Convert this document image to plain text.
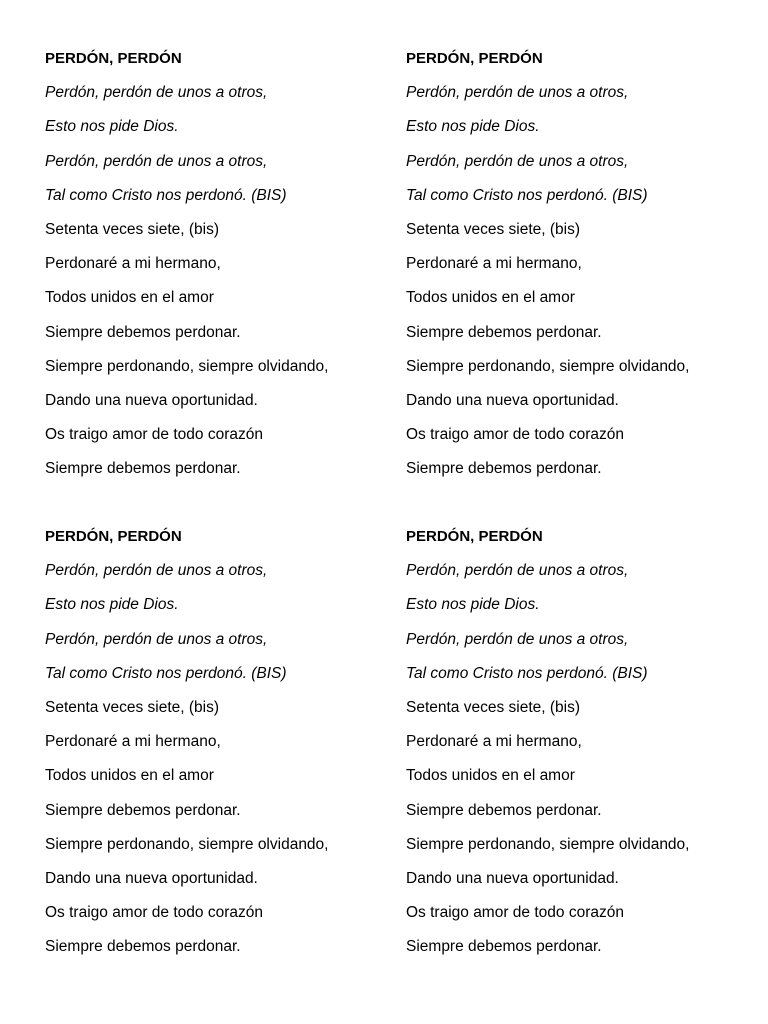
PERDÓN, PERDÓN
Perdón, perdón de unos a otros,
Esto nos pide Dios.
Perdón, perdón de unos a otros,
Tal como Cristo nos perdonó. (BIS)
Setenta veces siete, (bis)
Perdonaré a mi hermano,
Todos unidos en el amor
Siempre debemos perdonar.
Siempre perdonando, siempre olvidando,
Dando una nueva oportunidad.
Os traigo amor de todo corazón
Siempre debemos perdonar.
PERDÓN, PERDÓN
Perdón, perdón de unos a otros,
Esto nos pide Dios.
Perdón, perdón de unos a otros,
Tal como Cristo nos perdonó. (BIS)
Setenta veces siete, (bis)
Perdonaré a mi hermano,
Todos unidos en el amor
Siempre debemos perdonar.
Siempre perdonando, siempre olvidando,
Dando una nueva oportunidad.
Os traigo amor de todo corazón
Siempre debemos perdonar.
PERDÓN, PERDÓN
Perdón, perdón de unos a otros,
Esto nos pide Dios.
Perdón, perdón de unos a otros,
Tal como Cristo nos perdonó. (BIS)
Setenta veces siete, (bis)
Perdonaré a mi hermano,
Todos unidos en el amor
Siempre debemos perdonar.
Siempre perdonando, siempre olvidando,
Dando una nueva oportunidad.
Os traigo amor de todo corazón
Siempre debemos perdonar.
PERDÓN, PERDÓN
Perdón, perdón de unos a otros,
Esto nos pide Dios.
Perdón, perdón de unos a otros,
Tal como Cristo nos perdonó. (BIS)
Setenta veces siete, (bis)
Perdonaré a mi hermano,
Todos unidos en el amor
Siempre debemos perdonar.
Siempre perdonando, siempre olvidando,
Dando una nueva oportunidad.
Os traigo amor de todo corazón
Siempre debemos perdonar.
